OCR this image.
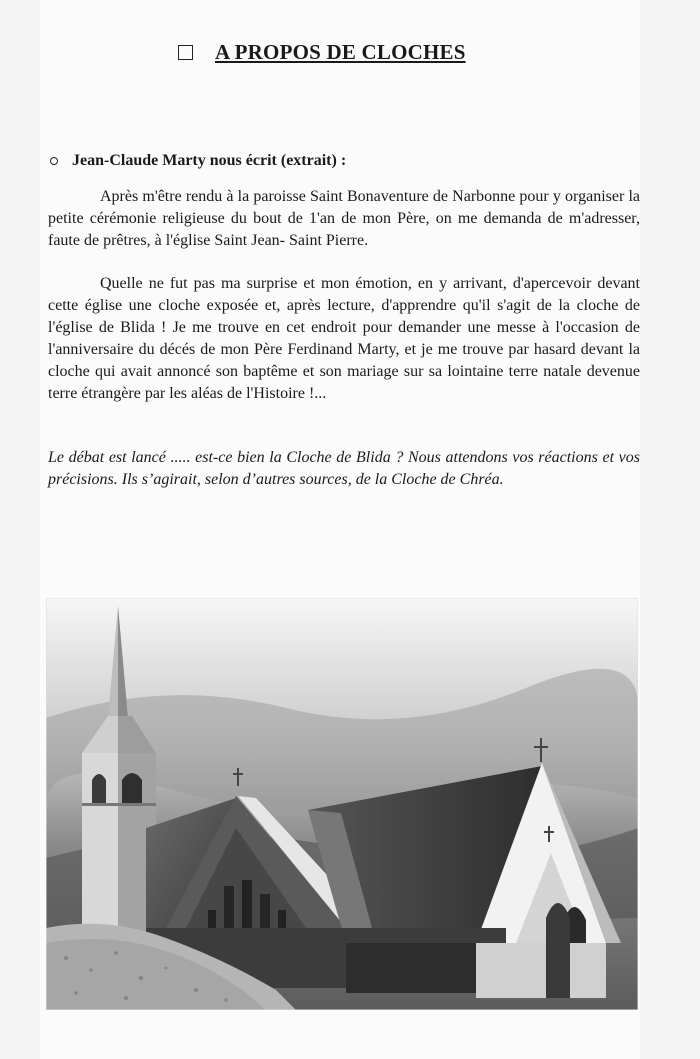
A PROPOS DE CLOCHES
Jean-Claude Marty nous écrit (extrait) :

Après m'être rendu à la paroisse Saint Bonaventure de Narbonne pour y organiser la petite cérémonie religieuse du bout de 1'an de mon Père, on me demanda de m'adresser, faute de prêtres, à l'église Saint Jean- Saint Pierre.

Quelle ne fut pas ma surprise et mon émotion, en y arrivant, d'apercevoir devant cette église une cloche exposée et, après lecture, d'apprendre qu'il s'agit de la cloche de l'église de Blida ! Je me trouve en cet endroit pour demander une messe à l'occasion de l'anniversaire du décés de mon Père Ferdinand Marty, et je me trouve par hasard devant la cloche qui avait annoncé son baptême et son mariage sur sa lointaine terre natale devenue terre étrangère par les aléas de l'Histoire !...

Le débat est lancé ..... est-ce bien la Cloche de Blida ? Nous attendons vos réactions et vos précisions. Ils s’agirait, selon d’autres sources, de la Cloche de Chréa.
